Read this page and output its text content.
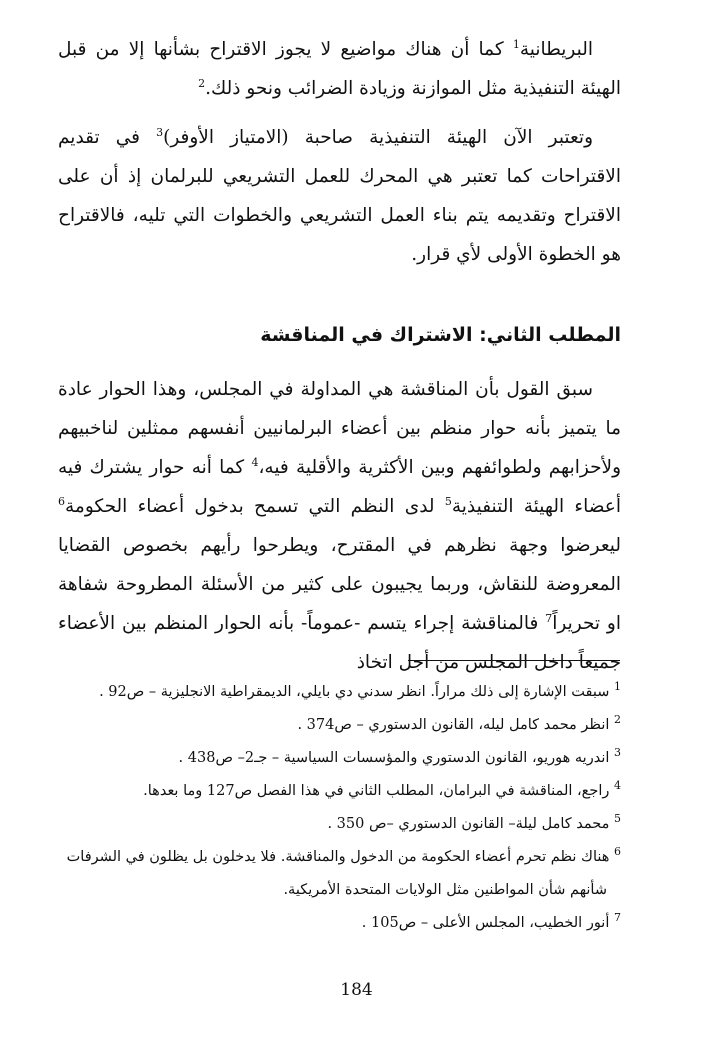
البريطانية$^1$ كما أن هناك مواضيع لا يجوز الاقتراح بشأنها إلا من قبل الهيئة التنفيذية مثل الموازنة وزيادة الضرائب ونحو ذلك.$^2$

وتعتبر الآن الهيئة التنفيذية صاحبة (الامتياز الأوفر)$^3$ في تقديم الاقتراحات كما تعتبر هي المحرك للعمل التشريعي للبرلمان إذ أن على الاقتراح وتقديمه يتم بناء العمل التشريعي والخطوات التي تليه، فالاقتراح هو الخطوة الأولى لأي قرار.

المطلب الثاني: الاشتراك في المناقشة

سبق القول بأن المناقشة هي المداولة في المجلس، وهذا الحوار عادة ما يتميز بأنه حوار منظم بين أعضاء البرلمانيين أنفسهم ممثلين لناخبيهم ولأحزابهم ولطوائفهم وبين الأكثرية والأقلية فيه،$^4$ كما أنه حوار يشترك فيه أعضاء الهيئة التنفيذية$^5$ لدى النظم التي تسمح بدخول أعضاء الحكومة$^6$ ليعرضوا وجهة نظرهم في المقترح، ويطرحوا رأيهم بخصوص القضايا المعروضة للنقاش، وربما يجيبون على كثير من الأسئلة المطروحة شفاهة او تحريراً$^7$ فالمناقشة إجراء يتسم -عموماً- بأنه الحوار المنظم بين الأعضاء جميعاً داخل المجلس من أجل اتخاذ

$^1$ سبقت الإشارة إلى ذلك مراراً. انظر سدني دي بايلي، الديمقراطية الانجليزية – ص92 .
$^2$ انظر محمد كامل ليله، القانون الدستوري – ص374 .
$^3$ اندريه هوريو، القانون الدستوري والمؤسسات السياسية – جـ2– ص438 .
$^4$ راجع، المناقشة في البرامان، المطلب الثاني في هذا الفصل ص127 وما بعدها.
$^5$ محمد كامل ليلة– القانون الدستوري –ص 350 .
$^6$ هناك نظم تحرم أعضاء الحكومة من الدخول والمناقشة. فلا يدخلون بل يظلون في الشرفات
شأنهم شأن المواطنين مثل الولايات المتحدة الأمريكية.
$^7$ أنور الخطيب، المجلس الأعلى – ص105 .
184
